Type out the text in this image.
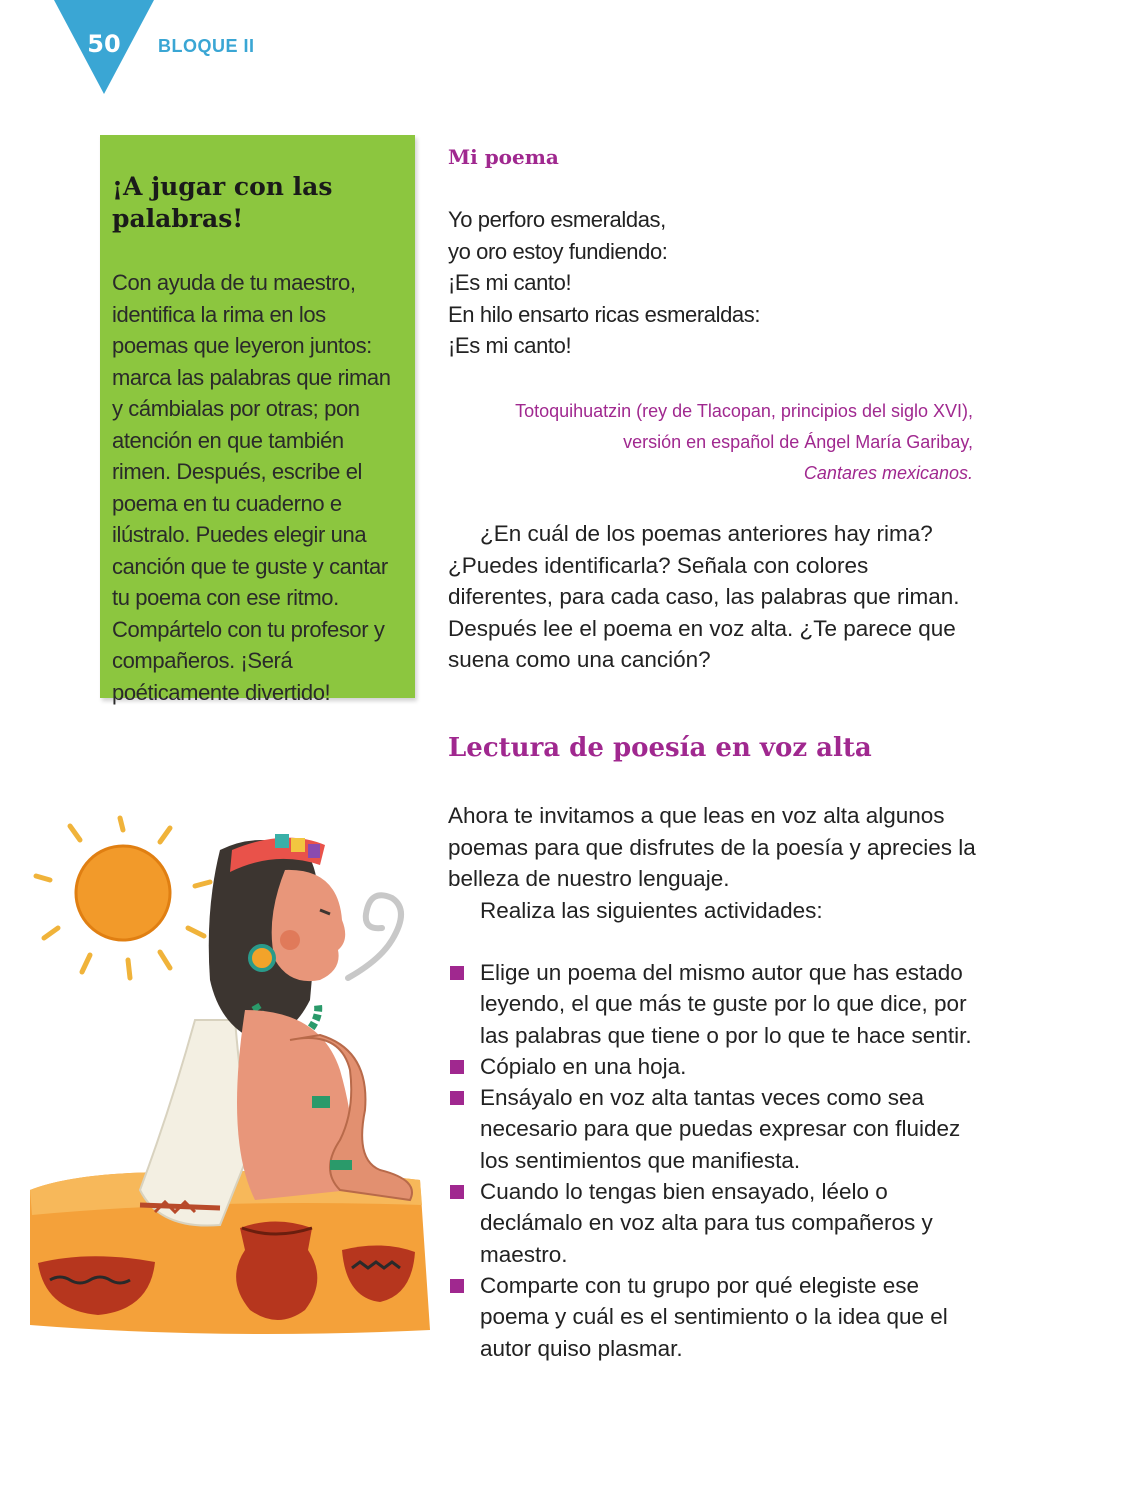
50 BLOQUE II
¡A jugar con las palabras!
Con ayuda de tu maestro, identifica la rima en los poemas que leyeron juntos: marca las palabras que riman y cámbialas por otras; pon atención en que también rimen. Después, escribe el poema en tu cuaderno e ilústralo. Puedes elegir una canción que te guste y cantar tu poema con ese ritmo. Compártelo con tu profesor y compañeros. ¡Será poéticamente divertido!
Mi poema
Yo perforo esmeraldas,
yo oro estoy fundiendo:
¡Es mi canto!
En hilo ensarto ricas esmeraldas:
¡Es mi canto!
Totoquihuatzin (rey de Tlacopan, principios del siglo XVI),
versión en español de Ángel María Garibay,
Cantares mexicanos.
¿En cuál de los poemas anteriores hay rima? ¿Puedes identificarla? Señala con colores diferentes, para cada caso, las palabras que riman. Después lee el poema en voz alta. ¿Te parece que suena como una canción?
Lectura de poesía en voz alta
Ahora te invitamos a que leas en voz alta algunos poemas para que disfrutes de la poesía y aprecies la belleza de nuestro lenguaje.
Realiza las siguientes actividades:
Elige un poema del mismo autor que has estado leyendo, el que más te guste por lo que dice, por las palabras que tiene o por lo que te hace sentir.
Cópialo en una hoja.
Ensáyalo en voz alta tantas veces como sea necesario para que puedas expresar con fluidez los sentimientos que manifiesta.
Cuando lo tengas bien ensayado, léelo o declámalo en voz alta para tus compañeros y maestro.
Comparte con tu grupo por qué elegiste ese poema y cuál es el sentimiento o la idea que el autor quiso plasmar.
